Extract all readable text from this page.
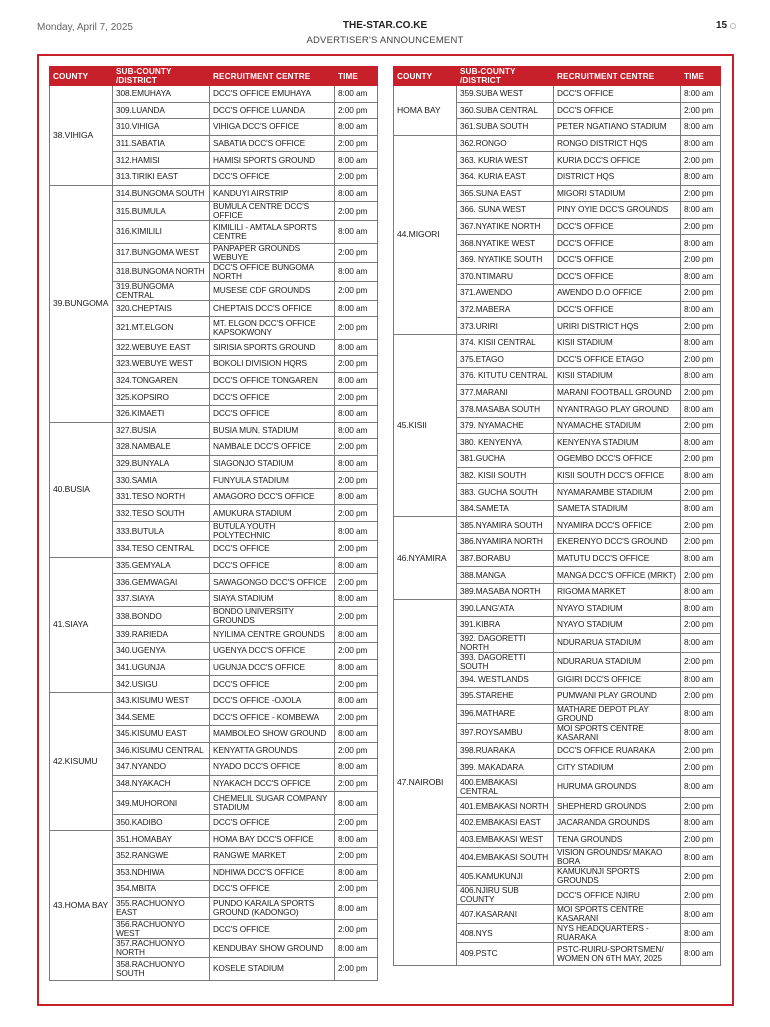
Monday, April 7, 2025	THE-STAR.CO.KE
ADVERTISER'S ANNOUNCEMENT
15
COUNTY	SUB-COUNTY /DISTRICT	RECRUITMENT CENTRE	TIME
38.VIHIGA	308.EMUHAYA	DCC'S OFFICE EMUHAYA	8:00 am
	309.LUANDA	DCC'S OFFICE LUANDA	2:00 pm
	310.VIHIGA	VIHIGA DCC'S OFFICE	8:00 am
	311.SABATIA	SABATIA DCC'S OFFICE	2:00 pm
	312.HAMISI	HAMISI SPORTS GROUND	8:00 am
	313.TIRIKI EAST	DCC'S OFFICE	2:00 pm
39.BUNGOMA	314.BUNGOMA SOUTH	KANDUYI AIRSTRIP	8:00 am
	315.BUMULA	BUMULA CENTRE DCC'S OFFICE	2:00 pm
	316.KIMILILI	KIMILILI - AMTALA SPORTS CENTRE	8:00 am
	317.BUNGOMA WEST	PANPAPER GROUNDS WEBUYE	2:00 pm
	318.BUNGOMA NORTH	DCC'S OFFICE BUNGOMA NORTH	8:00 am
	319.BUNGOMA CENTRAL	MUSESE CDF GROUNDS	2:00 pm
	320.CHEPTAIS	CHEPTAIS DCC'S OFFICE	8:00 am
	321.MT.ELGON	MT. ELGON DCC'S OFFICE KAPSOKWONY	2:00 pm
	322.WEBUYE EAST	SIRISIA SPORTS GROUND	8:00 am
	323.WEBUYE WEST	BOKOLI DIVISION HQRS	2:00 pm
	324.TONGAREN	DCC'S OFFICE TONGAREN	8:00 am
	325.KOPSIRO	DCC'S OFFICE	2:00 pm
	326.KIMAETI	DCC'S OFFICE	8:00 am
40.BUSIA	327.BUSIA	BUSIA MUN. STADIUM	8:00 am
	328.NAMBALE	NAMBALE DCC'S OFFICE	2:00 pm
	329.BUNYALA	SIAGONJO STADIUM	8:00 am
	330.SAMIA	FUNYULA STADIUM	2:00 pm
	331.TESO NORTH	AMAGORO DCC'S OFFICE	8:00 am
	332.TESO SOUTH	AMUKURA STADIUM	2:00 pm
	333.BUTULA	BUTULA YOUTH POLYTECHNIC	8:00 am
	334.TESO CENTRAL	DCC'S OFFICE	2:00 pm
41.SIAYA	335.GEMYALA	DCC'S OFFICE	8:00 am
	336.GEMWAGAI	SAWAGONGO DCC'S OFFICE	2:00 pm
	337.SIAYA	SIAYA STADIUM	8:00 am
	338.BONDO	BONDO UNIVERSITY GROUNDS	2:00 pm
	339.RARIEDA	NYILIMA CENTRE GROUNDS	8:00 am
	340.UGENYA	UGENYA DCC'S OFFICE	2:00 pm
	341.UGUNJA	UGUNJA DCC'S OFFICE	8:00 am
	342.USIGU	DCC'S OFFICE	2:00 pm
42.KISUMU	343.KISUMU WEST	DCC'S OFFICE -OJOLA	8:00 am
	344.SEME	DCC'S OFFICE - KOMBEWA	2:00 pm
	345.KISUMU EAST	MAMBOLEO SHOW GROUND	8:00 am
	346.KISUMU CENTRAL	KENYATTA GROUNDS	2:00 pm
	347.NYANDO	NYADO DCC'S OFFICE	8:00 am
	348.NYAKACH	NYAKACH DCC'S OFFICE	2:00 pm
	349.MUHORONI	CHEMELIL SUGAR COMPANY STADIUM	8:00 am
	350.KADIBO	DCC'S OFFICE	2:00 pm
43.HOMA BAY	351.HOMABAY	HOMA BAY DCC'S OFFICE	8:00 am
	352.RANGWE	RANGWE MARKET	2:00 pm
	353.NDHIWA	NDHIWA DCC'S OFFICE	8:00 am
	354.MBITA	DCC'S OFFICE	2:00 pm
	355.RACHUONYO EAST	PUNDO KARAILA SPORTS GROUND (KADONGO)	8:00 am
	356.RACHUONYO WEST	DCC'S OFFICE	2:00 pm
	357.RACHUONYO NORTH	KENDUBAY SHOW GROUND	8:00 am
	358.RACHUONYO SOUTH	KOSELE STADIUM	2:00 pm
COUNTY	SUB-COUNTY /DISTRICT	RECRUITMENT CENTRE	TIME
HOMA BAY	359.SUBA WEST	DCC'S OFFICE	8:00 am
	360.SUBA CENTRAL	DCC'S OFFICE	2:00 pm
	361.SUBA SOUTH	PETER NGATIANO STADIUM	8:00 am
44.MIGORI	362.RONGO	RONGO DISTRICT HQS	8:00 am
	363. KURIA WEST	KURIA DCC'S OFFICE	2:00 pm
	364. KURIA EAST	DISTRICT HQS	8:00 am
	365.SUNA EAST	MIGORI STADIUM	2:00 pm
	366. SUNA WEST	PINY OYIE DCC'S GROUNDS	8:00 am
	367.NYATIKE NORTH	DCC'S OFFICE	2:00 pm
	368.NYATIKE WEST	DCC'S OFFICE	8:00 am
	369. NYATIKE SOUTH	DCC'S OFFICE	2:00 pm
	370.NTIMARU	DCC'S OFFICE	8:00 am
	371.AWENDO	AWENDO D.O OFFICE	2:00 pm
	372.MABERA	DCC'S OFFICE	8:00 am
	373.URIRI	URIRI DISTRICT HQS	2:00 pm
45.KISII	374. KISII CENTRAL	KISII STADIUM	8:00 am
	375.ETAGO	DCC'S OFFICE ETAGO	2:00 pm
	376. KITUTU CENTRAL	KISII STADIUM	8:00 am
	377.MARANI	MARANI FOOTBALL GROUND	2:00 pm
	378.MASABA SOUTH	NYANTRAGO PLAY GROUND	8:00 am
	379. NYAMACHE	NYAMACHE STADIUM	2:00 pm
	380. KENYENYA	KENYENYA STADIUM	8:00 am
	381.GUCHA	OGEMBO DCC'S OFFICE	2:00 pm
	382. KISII SOUTH	KISII SOUTH DCC'S OFFICE	8:00 am
	383. GUCHA SOUTH	NYAMARAMBE STADIUM	2:00 pm
	384.SAMETA	SAMETA STADIUM	8:00 am
46.NYAMIRA	385.NYAMIRA SOUTH	NYAMIRA DCC'S OFFICE	2:00 pm
	386.NYAMIRA NORTH	EKERENYO DCC'S GROUND	2:00 pm
	387.BORABU	MATUTU DCC'S OFFICE	8:00 am
	388.MANGA	MANGA DCC'S OFFICE (MRKT)	2:00 pm
	389.MASABA NORTH	RIGOMA MARKET	8:00 am
47.NAIROBI	390.LANG'ATA	NYAYO STADIUM	8:00 am
	391.KIBRA	NYAYO STADIUM	2:00 pm
	392. DAGORETTI NORTH	NDURARUA STADIUM	8:00 am
	393. DAGORETTI SOUTH	NDURARUA STADIUM	2:00 pm
	394. WESTLANDS	GIGIRI DCC'S OFFICE	8:00 am
	395.STAREHE	PUMWANI PLAY GROUND	2:00 pm
	396.MATHARE	MATHARE DEPOT PLAY GROUND	8:00 am
	397.ROYSAMBU	MOI SPORTS CENTRE KASARANI	8:00 am
	398.RUARAKA	DCC'S OFFICE RUARAKA	2:00 pm
	399. MAKADARA	CITY STADIUM	2:00 pm
	400.EMBAKASI CENTRAL	HURUMA GROUNDS	8:00 am
	401.EMBAKASI NORTH	SHEPHERD GROUNDS	2:00 pm
	402.EMBAKASI EAST	JACARANDA GROUNDS	8:00 am
	403.EMBAKASI WEST	TENA GROUNDS	2:00 pm
	404.EMBAKASI SOUTH	VISION GROUNDS/ MAKAO BORA	8:00 am
	405.KAMUKUNJI	KAMUKUNJI SPORTS GROUNDS	2:00 pm
	406.NJIRU SUB COUNTY	DCC'S OFFICE NJIRU	2:00 pm
	407.KASARANI	MOI SPORTS CENTRE KASARANI	8:00 am
	408.NYS	NYS HEADQUARTERS - RUARAKA	8:00 am
	409.PSTC	PSTC-RUIRU-SPORTSMEN/ WOMEN ON 6TH MAY, 2025	8:00 am
